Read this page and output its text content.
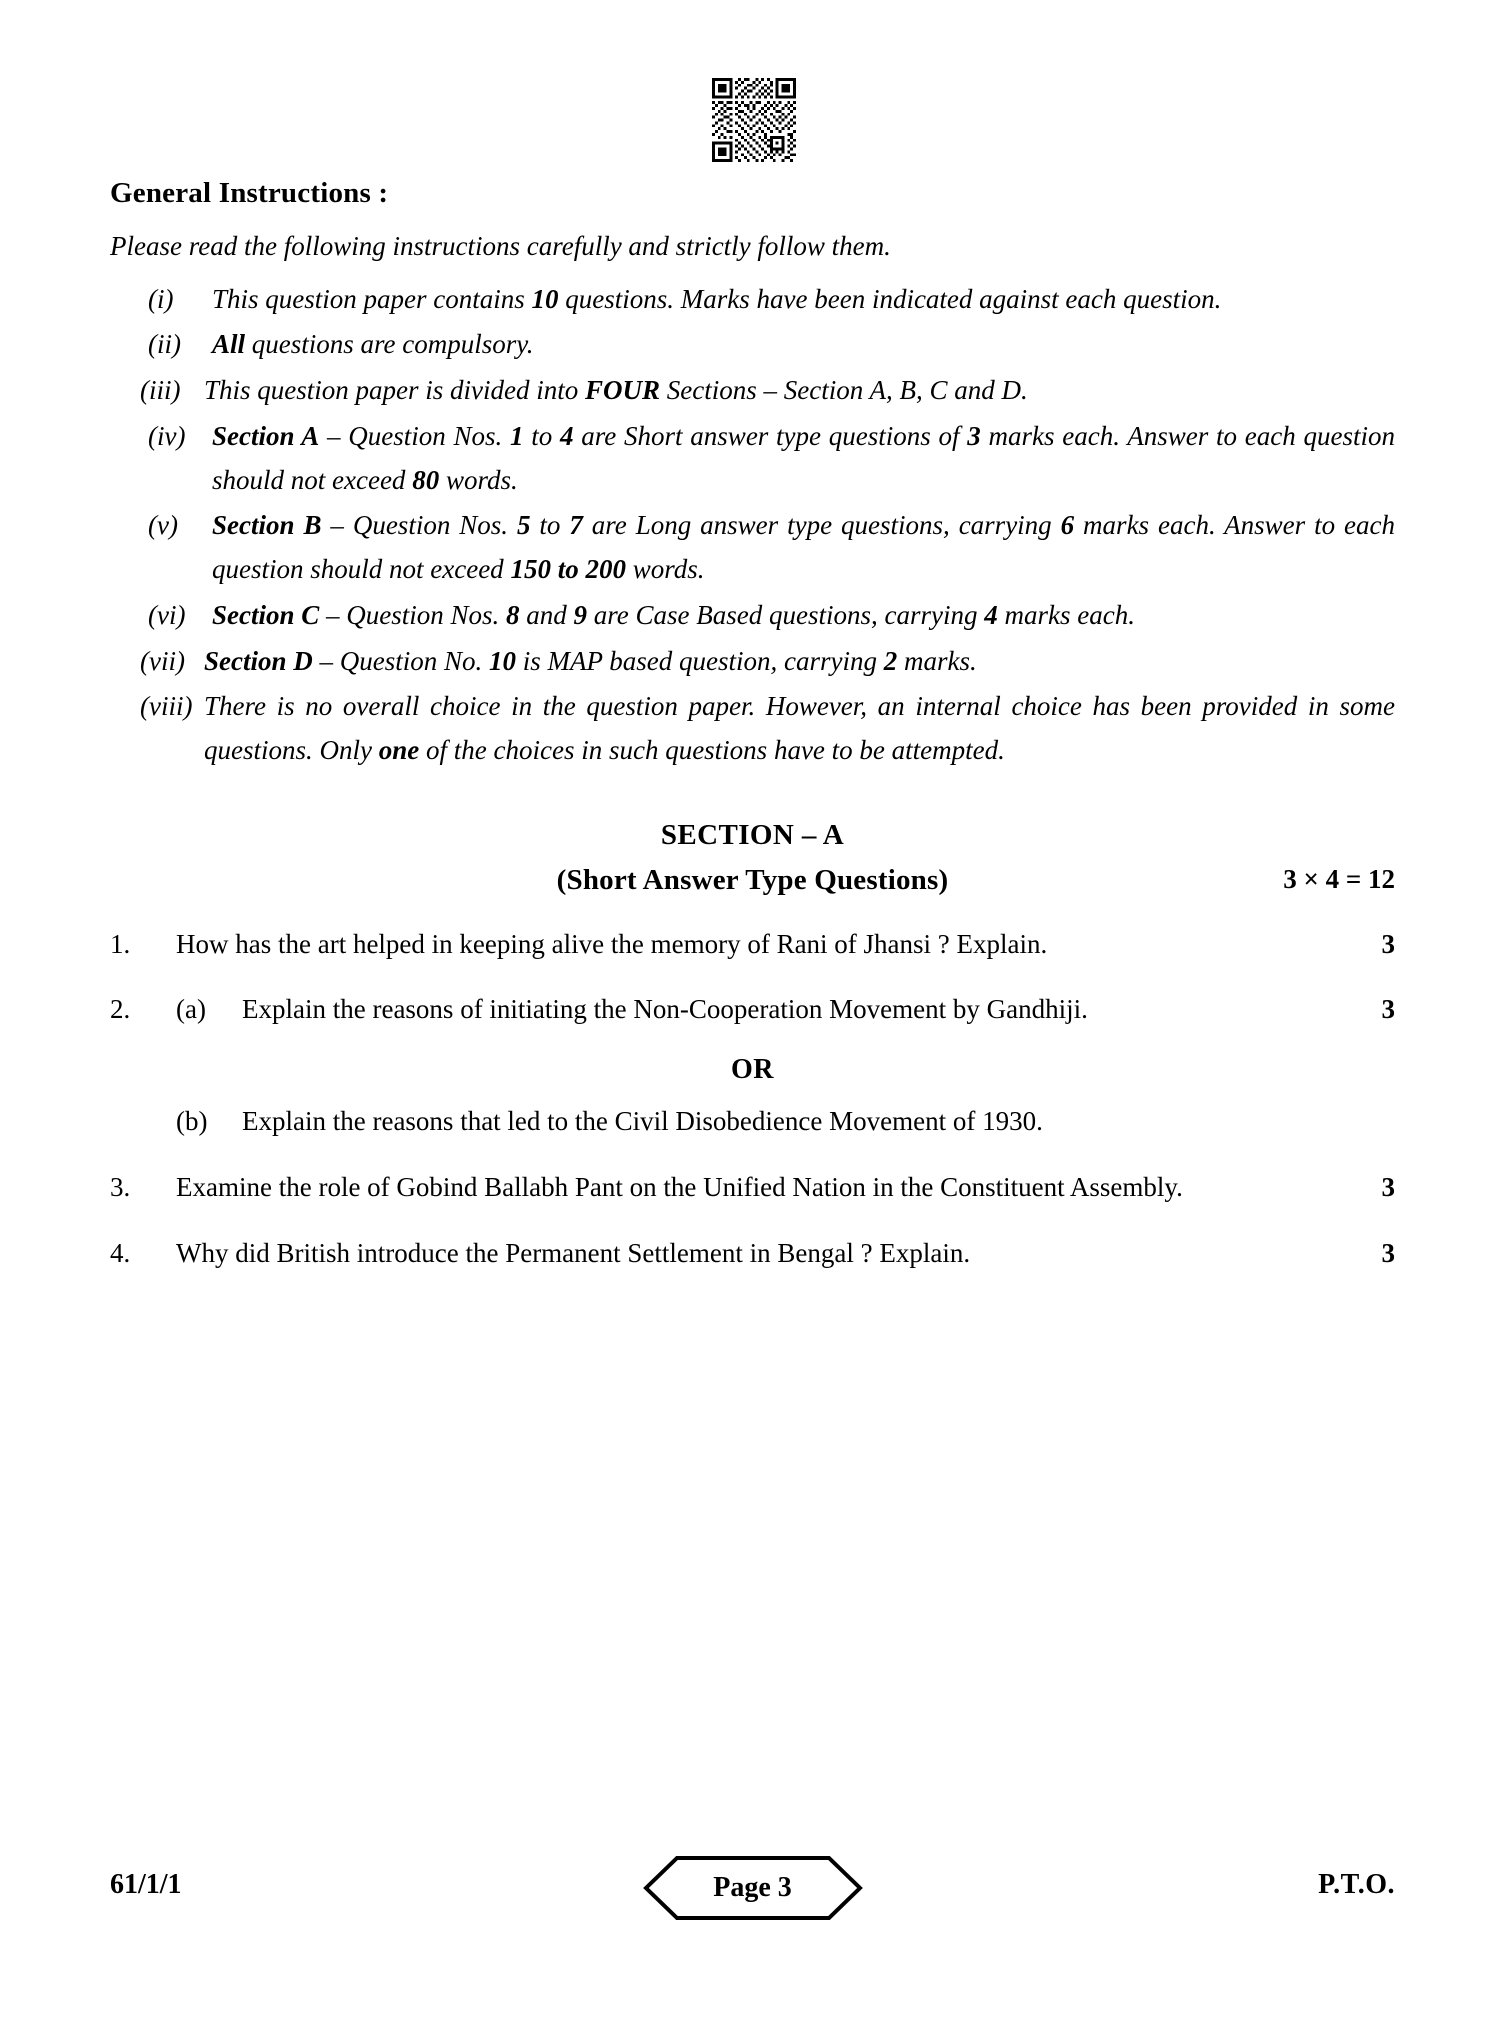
General Instructions :
Please read the following instructions carefully and strictly follow them.
(i)	This question paper contains 10 questions. Marks have been indicated against each question.
(ii)	All questions are compulsory.
(iii) This question paper is divided into FOUR Sections – Section A, B, C and D.
(iv) Section A – Question Nos. 1 to 4 are Short answer type questions of 3 marks each. Answer to each question should not exceed 80 words.
(v)	Section B – Question Nos. 5 to 7 are Long answer type questions, carrying 6 marks each. Answer to each question should not exceed 150 to 200 words.
(vi) Section C – Question Nos. 8 and 9 are Case Based questions, carrying 4 marks each.
(vii) Section D – Question No. 10 is MAP based question, carrying 2 marks.
(viii) There is no overall choice in the question paper. However, an internal choice has been provided in some questions. Only one of the choices in such questions have to be attempted.
SECTION – A
(Short Answer Type Questions)	3 × 4 = 12
1.	How has the art helped in keeping alive the memory of Rani of Jhansi ? Explain.	3
2.	(a)	Explain the reasons of initiating the Non-Cooperation Movement by Gandhiji.	3
OR
(b)	Explain the reasons that led to the Civil Disobedience Movement of 1930.
3.	Examine the role of Gobind Ballabh Pant on the Unified Nation in the Constituent Assembly.	3
4.	Why did British introduce the Permanent Settlement in Bengal ? Explain.	3
61/1/1	Page 3	P.T.O.
